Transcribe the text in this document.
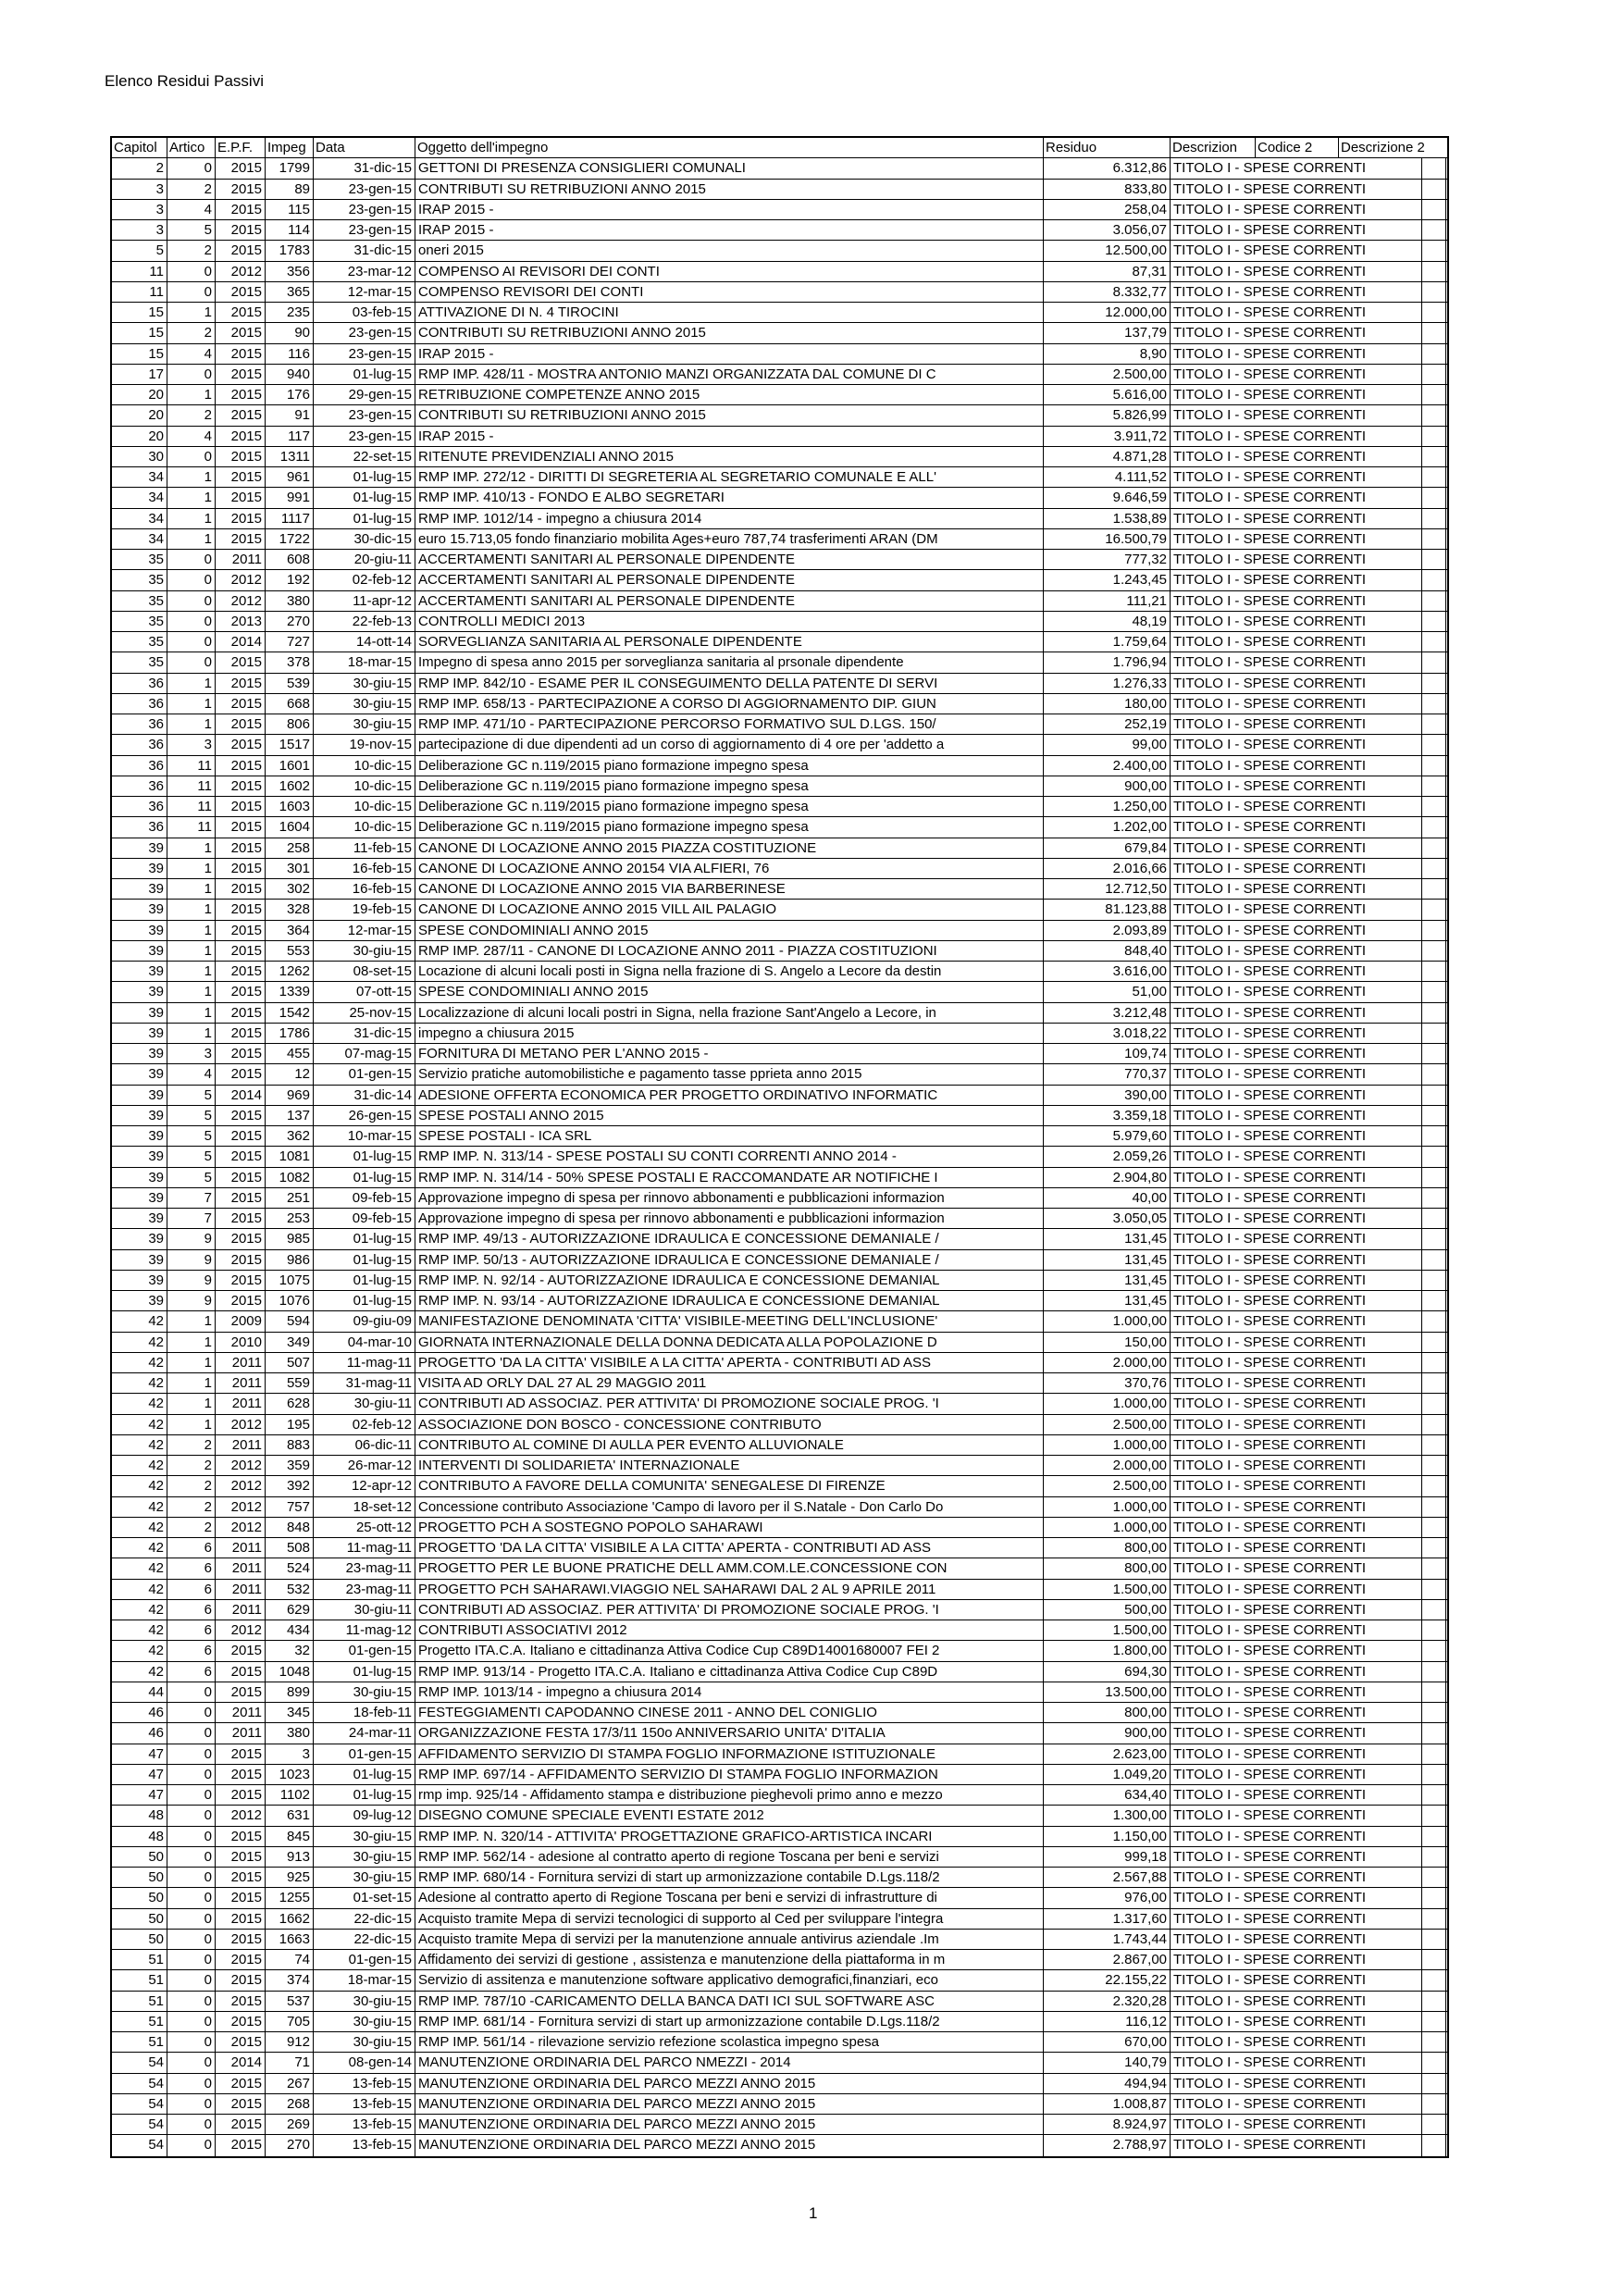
Elenco Residui Passivi
Capitol Artico E.P.F.	Impeg Data	Oggetto dell'impegno	Residuo	Descrizion	Codice 2	Descrizione 2
2	0	2015	1799	31-dic-15 GETTONI DI PRESENZA CONSIGLIERI COMUNALI	6.312,86 TITOLO I - SPESE CORRENTI
3	2	2015	89	23-gen-15 CONTRIBUTI SU RETRIBUZIONI ANNO 2015	833,80 TITOLO I - SPESE CORRENTI
3	4	2015	115	23-gen-15 IRAP 2015 -	258,04 TITOLO I - SPESE CORRENTI
3	5	2015	114	23-gen-15 IRAP 2015 -	3.056,07 TITOLO I - SPESE CORRENTI
5	2	2015	1783	31-dic-15 oneri 2015	12.500,00 TITOLO I - SPESE CORRENTI
11	0	2012	356	23-mar-12 COMPENSO AI REVISORI DEI CONTI	87,31 TITOLO I - SPESE CORRENTI
11	0	2015	365	12-mar-15 COMPENSO REVISORI DEI CONTI	8.332,77 TITOLO I - SPESE CORRENTI
15	1	2015	235	03-feb-15 ATTIVAZIONE DI N. 4 TIROCINI	12.000,00 TITOLO I - SPESE CORRENTI
15	2	2015	90	23-gen-15 CONTRIBUTI SU RETRIBUZIONI ANNO 2015	137,79 TITOLO I - SPESE CORRENTI
15	4	2015	116	23-gen-15 IRAP 2015 -	8,90 TITOLO I - SPESE CORRENTI
17	0	2015	940	01-lug-15 RMP IMP. 428/11 - MOSTRA ANTONIO MANZI ORGANIZZATA DAL COMUNE DI C	2.500,00 TITOLO I - SPESE CORRENTI
20	1	2015	176	29-gen-15 RETRIBUZIONE COMPETENZE ANNO 2015	5.616,00 TITOLO I - SPESE CORRENTI
20	2	2015	91	23-gen-15 CONTRIBUTI SU RETRIBUZIONI ANNO 2015	5.826,99 TITOLO I - SPESE CORRENTI
20	4	2015	117	23-gen-15 IRAP 2015 -	3.911,72 TITOLO I - SPESE CORRENTI
30	0	2015	1311	22-set-15 RITENUTE PREVIDENZIALI ANNO 2015	4.871,28 TITOLO I - SPESE CORRENTI
34	1	2015	961	01-lug-15 RMP IMP. 272/12 - DIRITTI DI SEGRETERIA AL SEGRETARIO COMUNALE E ALL'	4.111,52 TITOLO I - SPESE CORRENTI
34	1	2015	991	01-lug-15 RMP IMP. 410/13 - FONDO E ALBO SEGRETARI	9.646,59 TITOLO I - SPESE CORRENTI
34	1	2015	1117	01-lug-15 RMP IMP. 1012/14 - impegno a chiusura 2014	1.538,89 TITOLO I - SPESE CORRENTI
34	1	2015	1722	30-dic-15 euro 15.713,05 fondo finanziario mobilita Ages+euro 787,74 trasferimenti ARAN (DM	16.500,79 TITOLO I - SPESE CORRENTI
35	0	2011	608	20-giu-11 ACCERTAMENTI SANITARI AL PERSONALE DIPENDENTE	777,32 TITOLO I - SPESE CORRENTI
35	0	2012	192	02-feb-12 ACCERTAMENTI SANITARI AL PERSONALE DIPENDENTE	1.243,45 TITOLO I - SPESE CORRENTI
35	0	2012	380	11-apr-12 ACCERTAMENTI SANITARI AL PERSONALE DIPENDENTE	111,21 TITOLO I - SPESE CORRENTI
35	0	2013	270	22-feb-13 CONTROLLI MEDICI 2013	48,19 TITOLO I - SPESE CORRENTI
35	0	2014	727	14-ott-14 SORVEGLIANZA SANITARIA AL PERSONALE DIPENDENTE	1.759,64 TITOLO I - SPESE CORRENTI
35	0	2015	378	18-mar-15 Impegno di spesa anno 2015 per sorveglianza sanitaria al prsonale dipendente	1.796,94 TITOLO I - SPESE CORRENTI
36	1	2015	539	30-giu-15 RMP IMP. 842/10 - ESAME PER IL CONSEGUIMENTO DELLA PATENTE DI SERVI	1.276,33 TITOLO I - SPESE CORRENTI
36	1	2015	668	30-giu-15 RMP IMP. 658/13 - PARTECIPAZIONE A CORSO DI AGGIORNAMENTO DIP. GIUN	180,00 TITOLO I - SPESE CORRENTI
36	1	2015	806	30-giu-15 RMP IMP. 471/10 - PARTECIPAZIONE PERCORSO FORMATIVO SUL D.LGS. 150/	252,19 TITOLO I - SPESE CORRENTI
36	3	2015	1517	19-nov-15 partecipazione di due dipendenti ad un corso di aggiornamento di 4 ore per 'addetto a	99,00 TITOLO I - SPESE CORRENTI
36	11	2015	1601	10-dic-15 Deliberazione GC n.119/2015 piano formazione impegno spesa	2.400,00 TITOLO I - SPESE CORRENTI
36	11	2015	1602	10-dic-15 Deliberazione GC n.119/2015 piano formazione impegno spesa	900,00 TITOLO I - SPESE CORRENTI
36	11	2015	1603	10-dic-15 Deliberazione GC n.119/2015 piano formazione impegno spesa	1.250,00 TITOLO I - SPESE CORRENTI
36	11	2015	1604	10-dic-15 Deliberazione GC n.119/2015 piano formazione impegno spesa	1.202,00 TITOLO I - SPESE CORRENTI
39	1	2015	258	11-feb-15 CANONE DI LOCAZIONE ANNO 2015 PIAZZA COSTITUZIONE	679,84 TITOLO I - SPESE CORRENTI
39	1	2015	301	16-feb-15 CANONE DI LOCAZIONE ANNO 20154 VIA ALFIERI, 76	2.016,66 TITOLO I - SPESE CORRENTI
39	1	2015	302	16-feb-15 CANONE DI LOCAZIONE ANNO 2015 VIA BARBERINESE	12.712,50 TITOLO I - SPESE CORRENTI
39	1	2015	328	19-feb-15 CANONE DI LOCAZIONE ANNO 2015 VILL AIL PALAGIO	81.123,88 TITOLO I - SPESE CORRENTI
39	1	2015	364	12-mar-15 SPESE CONDOMINIALI ANNO 2015	2.093,89 TITOLO I - SPESE CORRENTI
39	1	2015	553	30-giu-15 RMP IMP. 287/11 - CANONE DI LOCAZIONE ANNO 2011 - PIAZZA COSTITUZIONI	848,40 TITOLO I - SPESE CORRENTI
39	1	2015	1262	08-set-15 Locazione di alcuni locali posti in Signa nella frazione di S. Angelo a Lecore da destin	3.616,00 TITOLO I - SPESE CORRENTI
39	1	2015	1339	07-ott-15 SPESE CONDOMINIALI ANNO 2015	51,00 TITOLO I - SPESE CORRENTI
39	1	2015	1542	25-nov-15 Localizzazione di alcuni locali postri in Signa, nella frazione Sant'Angelo a Lecore, in	3.212,48 TITOLO I - SPESE CORRENTI
39	1	2015	1786	31-dic-15 impegno a chiusura 2015	3.018,22 TITOLO I - SPESE CORRENTI
39	3	2015	455	07-mag-15 FORNITURA DI METANO PER L'ANNO 2015 -	109,74 TITOLO I - SPESE CORRENTI
39	4	2015	12	01-gen-15 Servizio pratiche automobilistiche e pagamento tasse pprieta anno 2015	770,37 TITOLO I - SPESE CORRENTI
39	5	2014	969	31-dic-14 ADESIONE OFFERTA ECONOMICA PER PROGETTO ORDINATIVO INFORMATIC	390,00 TITOLO I - SPESE CORRENTI
39	5	2015	137	26-gen-15 SPESE POSTALI ANNO 2015	3.359,18 TITOLO I - SPESE CORRENTI
39	5	2015	362	10-mar-15 SPESE POSTALI - ICA SRL	5.979,60 TITOLO I - SPESE CORRENTI
39	5	2015	1081	01-lug-15 RMP IMP. N. 313/14 - SPESE POSTALI SU CONTI CORRENTI ANNO 2014 -	2.059,26 TITOLO I - SPESE CORRENTI
39	5	2015	1082	01-lug-15 RMP IMP. N. 314/14 - 50% SPESE POSTALI E RACCOMANDATE AR NOTIFICHE I	2.904,80 TITOLO I - SPESE CORRENTI
39	7	2015	251	09-feb-15 Approvazione impegno di spesa per rinnovo abbonamenti e pubblicazioni informazion	40,00 TITOLO I - SPESE CORRENTI
39	7	2015	253	09-feb-15 Approvazione impegno di spesa per rinnovo abbonamenti e pubblicazioni informazion	3.050,05 TITOLO I - SPESE CORRENTI
39	9	2015	985	01-lug-15 RMP IMP. 49/13 - AUTORIZZAZIONE IDRAULICA E CONCESSIONE DEMANIALE /	131,45 TITOLO I - SPESE CORRENTI
39	9	2015	986	01-lug-15 RMP IMP. 50/13 - AUTORIZZAZIONE IDRAULICA E CONCESSIONE DEMANIALE /	131,45 TITOLO I - SPESE CORRENTI
39	9	2015	1075	01-lug-15 RMP IMP. N. 92/14 - AUTORIZZAZIONE IDRAULICA E CONCESSIONE DEMANIAL	131,45 TITOLO I - SPESE CORRENTI
39	9	2015	1076	01-lug-15 RMP IMP. N. 93/14 - AUTORIZZAZIONE IDRAULICA E CONCESSIONE DEMANIAL	131,45 TITOLO I - SPESE CORRENTI
42	1	2009	594	09-giu-09 MANIFESTAZIONE DENOMINATA 'CITTA' VISIBILE-MEETING DELL'INCLUSIONE'	1.000,00 TITOLO I - SPESE CORRENTI
42	1	2010	349	04-mar-10 GIORNATA INTERNAZIONALE DELLA DONNA DEDICATA ALLA POPOLAZIONE D	150,00 TITOLO I - SPESE CORRENTI
42	1	2011	507	11-mag-11 PROGETTO 'DA LA CITTA' VISIBILE A LA CITTA' APERTA - CONTRIBUTI AD ASS	2.000,00 TITOLO I - SPESE CORRENTI
42	1	2011	559	31-mag-11 VISITA AD ORLY DAL 27 AL 29 MAGGIO 2011	370,76 TITOLO I - SPESE CORRENTI
42	1	2011	628	30-giu-11 CONTRIBUTI AD ASSOCIAZ. PER ATTIVITA' DI PROMOZIONE SOCIALE PROG. 'I	1.000,00 TITOLO I - SPESE CORRENTI
42	1	2012	195	02-feb-12 ASSOCIAZIONE DON BOSCO - CONCESSIONE CONTRIBUTO	2.500,00 TITOLO I - SPESE CORRENTI
42	2	2011	883	06-dic-11 CONTRIBUTO AL COMINE DI AULLA PER EVENTO ALLUVIONALE	1.000,00 TITOLO I - SPESE CORRENTI
42	2	2012	359	26-mar-12 INTERVENTI DI SOLIDARIETA' INTERNAZIONALE	2.000,00 TITOLO I - SPESE CORRENTI
42	2	2012	392	12-apr-12 CONTRIBUTO A FAVORE DELLA COMUNITA' SENEGALESE DI FIRENZE	2.500,00 TITOLO I - SPESE CORRENTI
42	2	2012	757	18-set-12 Concessione contributo Associazione 'Campo di lavoro per il S.Natale - Don Carlo Do	1.000,00 TITOLO I - SPESE CORRENTI
42	2	2012	848	25-ott-12 PROGETTO PCH A SOSTEGNO POPOLO SAHARAWI	1.000,00 TITOLO I - SPESE CORRENTI
42	6	2011	508	11-mag-11 PROGETTO 'DA LA CITTA' VISIBILE A LA CITTA' APERTA - CONTRIBUTI AD ASS	800,00 TITOLO I - SPESE CORRENTI
42	6	2011	524	23-mag-11 PROGETTO PER LE BUONE PRATICHE DELL AMM.COM.LE.CONCESSIONE CON	800,00 TITOLO I - SPESE CORRENTI
42	6	2011	532	23-mag-11 PROGETTO PCH SAHARAWI.VIAGGIO NEL SAHARAWI DAL 2 AL 9 APRILE 2011	1.500,00 TITOLO I - SPESE CORRENTI
42	6	2011	629	30-giu-11 CONTRIBUTI AD ASSOCIAZ. PER ATTIVITA' DI PROMOZIONE SOCIALE PROG. 'I	500,00 TITOLO I - SPESE CORRENTI
42	6	2012	434	11-mag-12 CONTRIBUTI ASSOCIATIVI 2012	1.500,00 TITOLO I - SPESE CORRENTI
42	6	2015	32	01-gen-15 Progetto ITA.C.A. Italiano e cittadinanza Attiva Codice Cup C89D14001680007 FEI 2	1.800,00 TITOLO I - SPESE CORRENTI
42	6	2015	1048	01-lug-15 RMP IMP. 913/14 - Progetto ITA.C.A. Italiano e cittadinanza Attiva Codice Cup C89D	694,30 TITOLO I - SPESE CORRENTI
44	0	2015	899	30-giu-15 RMP IMP. 1013/14 - impegno a chiusura 2014	13.500,00 TITOLO I - SPESE CORRENTI
46	0	2011	345	18-feb-11 FESTEGGIAMENTI CAPODANNO CINESE 2011 - ANNO DEL CONIGLIO	800,00 TITOLO I - SPESE CORRENTI
46	0	2011	380	24-mar-11 ORGANIZZAZIONE FESTA 17/3/11 150o ANNIVERSARIO UNITA' D'ITALIA	900,00 TITOLO I - SPESE CORRENTI
47	0	2015	3	01-gen-15 AFFIDAMENTO SERVIZIO DI STAMPA FOGLIO INFORMAZIONE ISTITUZIONALE	2.623,00 TITOLO I - SPESE CORRENTI
47	0	2015	1023	01-lug-15 RMP IMP. 697/14 - AFFIDAMENTO SERVIZIO DI STAMPA FOGLIO INFORMAZION	1.049,20 TITOLO I - SPESE CORRENTI
47	0	2015	1102	01-lug-15 rmp imp. 925/14 - Affidamento stampa e distribuzione pieghevoli primo anno e mezzo	634,40 TITOLO I - SPESE CORRENTI
48	0	2012	631	09-lug-12 DISEGNO COMUNE SPECIALE EVENTI ESTATE 2012	1.300,00 TITOLO I - SPESE CORRENTI
48	0	2015	845	30-giu-15 RMP IMP. N. 320/14 - ATTIVITA' PROGETTAZIONE GRAFICO-ARTISTICA INCARI	1.150,00 TITOLO I - SPESE CORRENTI
50	0	2015	913	30-giu-15 RMP IMP. 562/14 - adesione al contratto aperto di regione Toscana per beni e servizi	999,18 TITOLO I - SPESE CORRENTI
50	0	2015	925	30-giu-15 RMP IMP. 680/14 - Fornitura servizi di start up armonizzazione contabile D.Lgs.118/2	2.567,88 TITOLO I - SPESE CORRENTI
50	0	2015	1255	01-set-15 Adesione al contratto aperto di Regione Toscana per beni e servizi di infrastrutture di	976,00 TITOLO I - SPESE CORRENTI
50	0	2015	1662	22-dic-15 Acquisto tramite Mepa di servizi tecnologici di supporto al Ced per sviluppare l'integra	1.317,60 TITOLO I - SPESE CORRENTI
50	0	2015	1663	22-dic-15 Acquisto tramite Mepa di servizi per la manutenzione annuale antivirus aziendale .Im	1.743,44 TITOLO I - SPESE CORRENTI
51	0	2015	74	01-gen-15 Affidamento dei servizi di gestione , assistenza e manutenzione della piattaforma in m	2.867,00 TITOLO I - SPESE CORRENTI
51	0	2015	374	18-mar-15 Servizio di assitenza e manutenzione software applicativo demografici,finanziari, eco	22.155,22 TITOLO I - SPESE CORRENTI
51	0	2015	537	30-giu-15 RMP IMP. 787/10 -CARICAMENTO DELLA BANCA DATI ICI SUL SOFTWARE ASC	2.320,28 TITOLO I - SPESE CORRENTI
51	0	2015	705	30-giu-15 RMP IMP. 681/14 - Fornitura servizi di start up armonizzazione contabile D.Lgs.118/2	116,12 TITOLO I - SPESE CORRENTI
51	0	2015	912	30-giu-15 RMP IMP. 561/14 - rilevazione servizio refezione scolastica impegno spesa	670,00 TITOLO I - SPESE CORRENTI
54	0	2014	71	08-gen-14 MANUTENZIONE ORDINARIA DEL PARCO NMEZZI - 2014	140,79 TITOLO I - SPESE CORRENTI
54	0	2015	267	13-feb-15 MANUTENZIONE ORDINARIA DEL PARCO MEZZI ANNO 2015	494,94 TITOLO I - SPESE CORRENTI
54	0	2015	268	13-feb-15 MANUTENZIONE ORDINARIA DEL PARCO MEZZI ANNO 2015	1.008,87 TITOLO I - SPESE CORRENTI
54	0	2015	269	13-feb-15 MANUTENZIONE ORDINARIA DEL PARCO MEZZI ANNO 2015	8.924,97 TITOLO I - SPESE CORRENTI
54	0	2015	270	13-feb-15 MANUTENZIONE ORDINARIA DEL PARCO MEZZI ANNO 2015	2.788,97 TITOLO I - SPESE CORRENTI
1
